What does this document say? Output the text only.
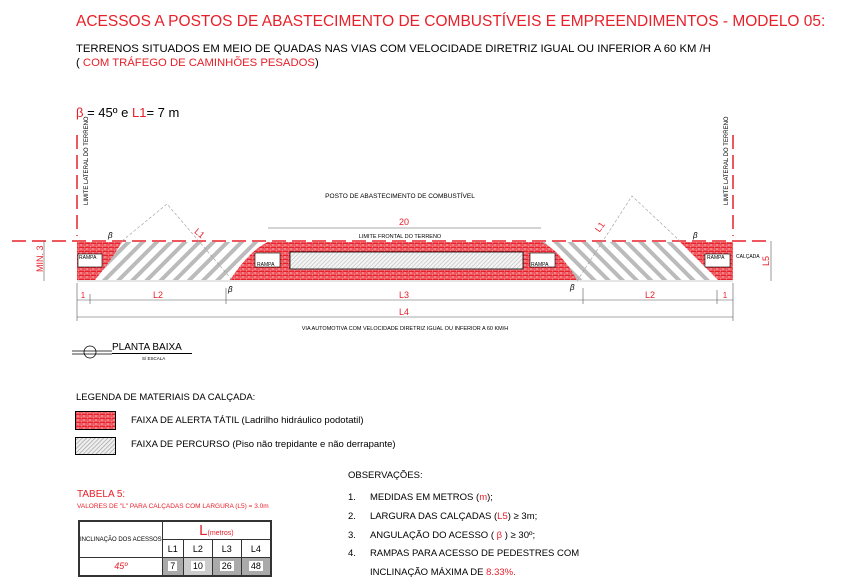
ACESSOS A POSTOS DE ABASTECIMENTO DE COMBUSTÍVEIS E EMPREENDIMENTOS - MODELO 05:
TERRENOS SITUADOS EM MEIO DE QUADAS NAS VIAS COM VELOCIDADE DIRETRIZ IGUAL OU INFERIOR A 60 KM /H
( COM TRÁFEGO DE CAMINHÕES PESADOS)
β = 45º e L1= 7 m
LIMITE LATERAL DO TERRENO	LIMITE LATERAL DO TERRENO
RAMPA
RAMPA	RAMPA
RAMPA CALÇADA
L1	L1
β
β	β
β
POSTO DE ABASTECIMENTO DE COMBUSTÍVEL
20
LIMITE FRONTAL DO TERRENO
MIN. 3	L5
1	L2	L3	L2	1
L4
VIA AUTOMOTIVA COM VELOCIDADE DIRETRIZ IGUAL OU INFERIOR A 60 KM/H
PLANTA BAIXA
S/ ESCALA
LEGENDA DE MATERIAIS DA CALÇADA:
FAIXA DE ALERTA TÁTIL (Ladrilho hidráulico podotatil)
FAIXA DE PERCURSO (Piso não trepidante e não derrapante)
TABELA 5:
VALORES DE "L" PARA CALÇADAS COM LARGURA (L5) = 3.0m
INCLINAÇÃO DOS ACESSOS	L(metros)			
	L1	L2	L3	L4
45º	7	10	26	48
OBSERVAÇÕES:
1. MEDIDAS EM METROS (m);
2. LARGURA DAS CALÇADAS (L5) ≥ 3m;
3. ANGULAÇÃO DO ACESSO ( β ) ≥ 30º;
4. RAMPAS PARA ACESSO DE PEDESTRES COM
INCLINAÇÃO MÁXIMA DE 8.33%.
